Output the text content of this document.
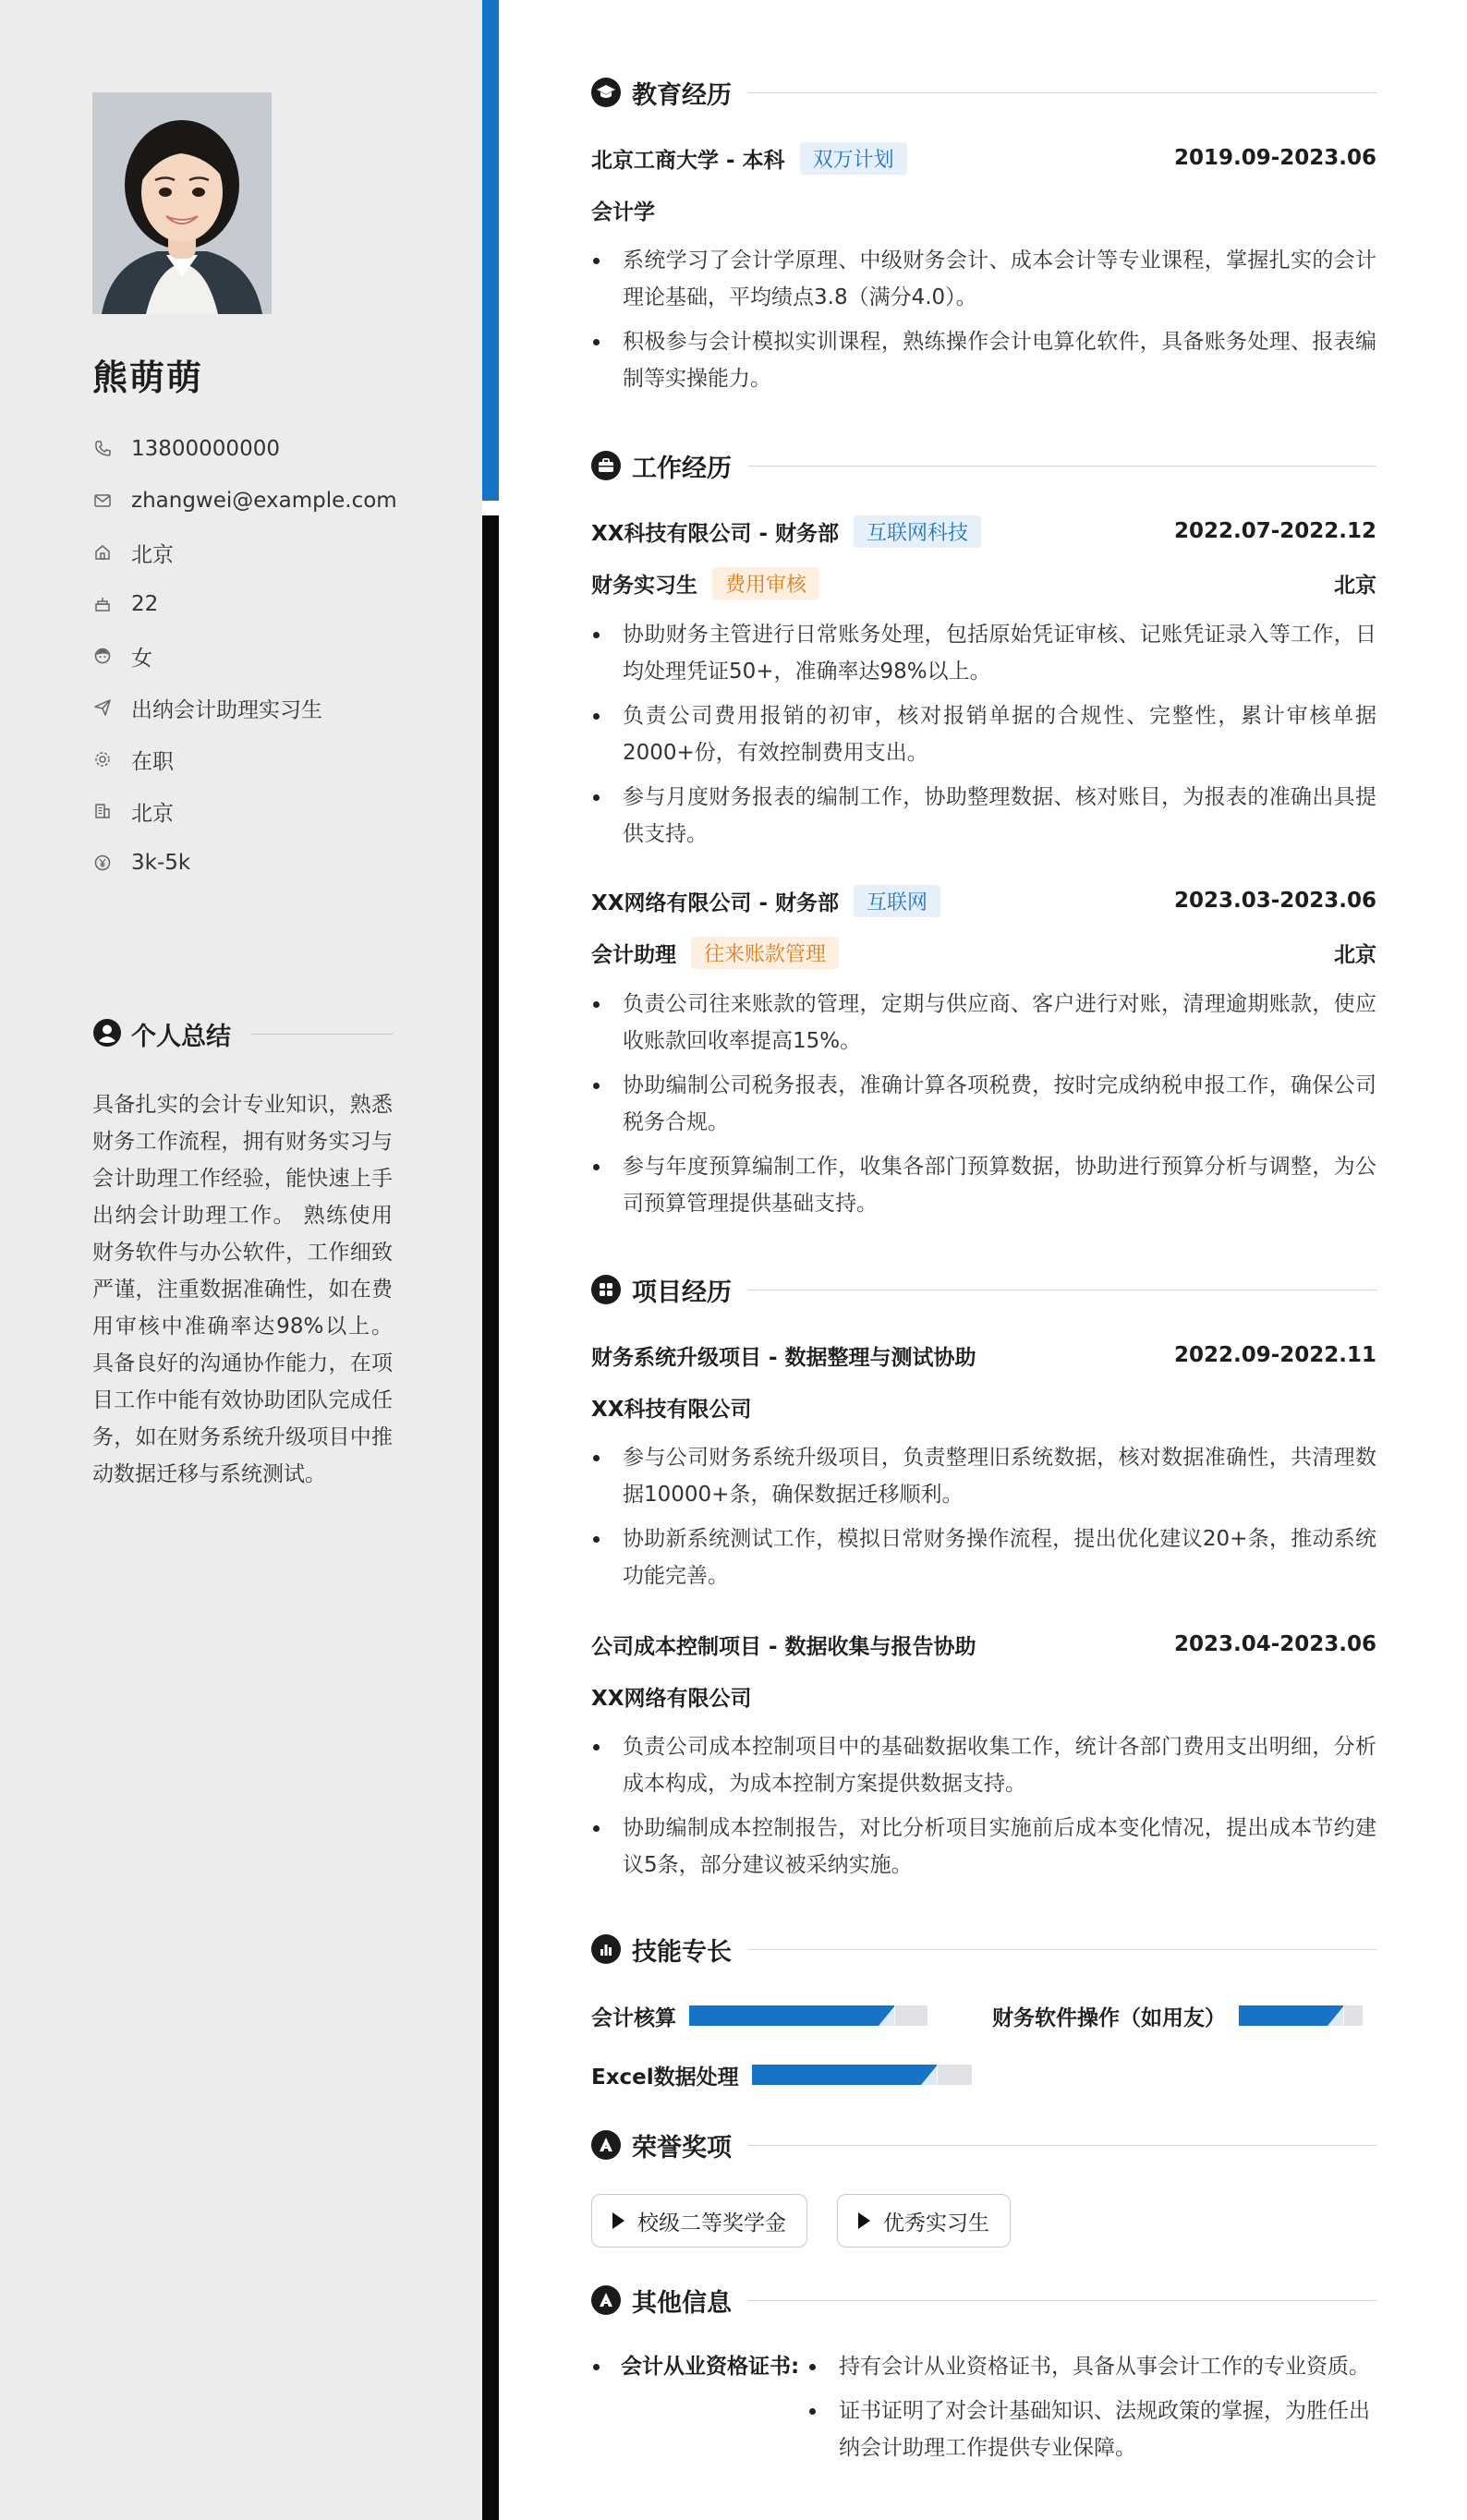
熊萌萌
13800000000
zhangwei@example.com
北京
22
女
出纳会计助理实习生
在职
北京
3k-5k
个人总结
具备扎实的会计专业知识，熟悉财务工作流程，拥有财务实习与会计助理工作经验，能快速上手出纳会计助理工作。 熟练使用财务软件与办公软件，工作细致严谨，注重数据准确性，如在费用审核中准确率达98%以上。 具备良好的沟通协作能力，在项目工作中能有效协助团队完成任务，如在财务系统升级项目中推动数据迁移与系统测试。
教育经历
北京工商大学 - 本科	双万计划	2019.09-2023.06
会计学
系统学习了会计学原理、中级财务会计、成本会计等专业课程，掌握扎实的会计理论基础，平均绩点3.8（满分4.0）。
积极参与会计模拟实训课程，熟练操作会计电算化软件，具备账务处理、报表编制等实操能力。
工作经历
XX科技有限公司 - 财务部	互联网科技	2022.07-2022.12
财务实习生	费用审核	北京
协助财务主管进行日常账务处理，包括原始凭证审核、记账凭证录入等工作，日均处理凭证50+，准确率达98%以上。
负责公司费用报销的初审，核对报销单据的合规性、完整性，累计审核单据2000+份，有效控制费用支出。
参与月度财务报表的编制工作，协助整理数据、核对账目，为报表的准确出具提供支持。
XX网络有限公司 - 财务部	互联网	2023.03-2023.06
会计助理	往来账款管理	北京
负责公司往来账款的管理，定期与供应商、客户进行对账，清理逾期账款，使应收账款回收率提高15%。
协助编制公司税务报表，准确计算各项税费，按时完成纳税申报工作，确保公司税务合规。
参与年度预算编制工作，收集各部门预算数据，协助进行预算分析与调整，为公司预算管理提供基础支持。
项目经历
财务系统升级项目 - 数据整理与测试协助	2022.09-2022.11
XX科技有限公司
参与公司财务系统升级项目，负责整理旧系统数据，核对数据准确性，共清理数据10000+条，确保数据迁移顺利。
协助新系统测试工作，模拟日常财务操作流程，提出优化建议20+条，推动系统功能完善。
公司成本控制项目 - 数据收集与报告协助	2023.04-2023.06
XX网络有限公司
负责公司成本控制项目中的基础数据收集工作，统计各部门费用支出明细，分析成本构成，为成本控制方案提供数据支持。
协助编制成本控制报告，对比分析项目实施前后成本变化情况，提出成本节约建议5条，部分建议被采纳实施。
技能专长
会计核算	财务软件操作（如用友）
Excel数据处理
荣誉奖项
校级二等奖学金	优秀实习生
其他信息
会计从业资格证书:	持有会计从业资格证书，具备从事会计工作的专业资质。
证书证明了对会计基础知识、法规政策的掌握，为胜任出纳会计助理工作提供专业保障。
